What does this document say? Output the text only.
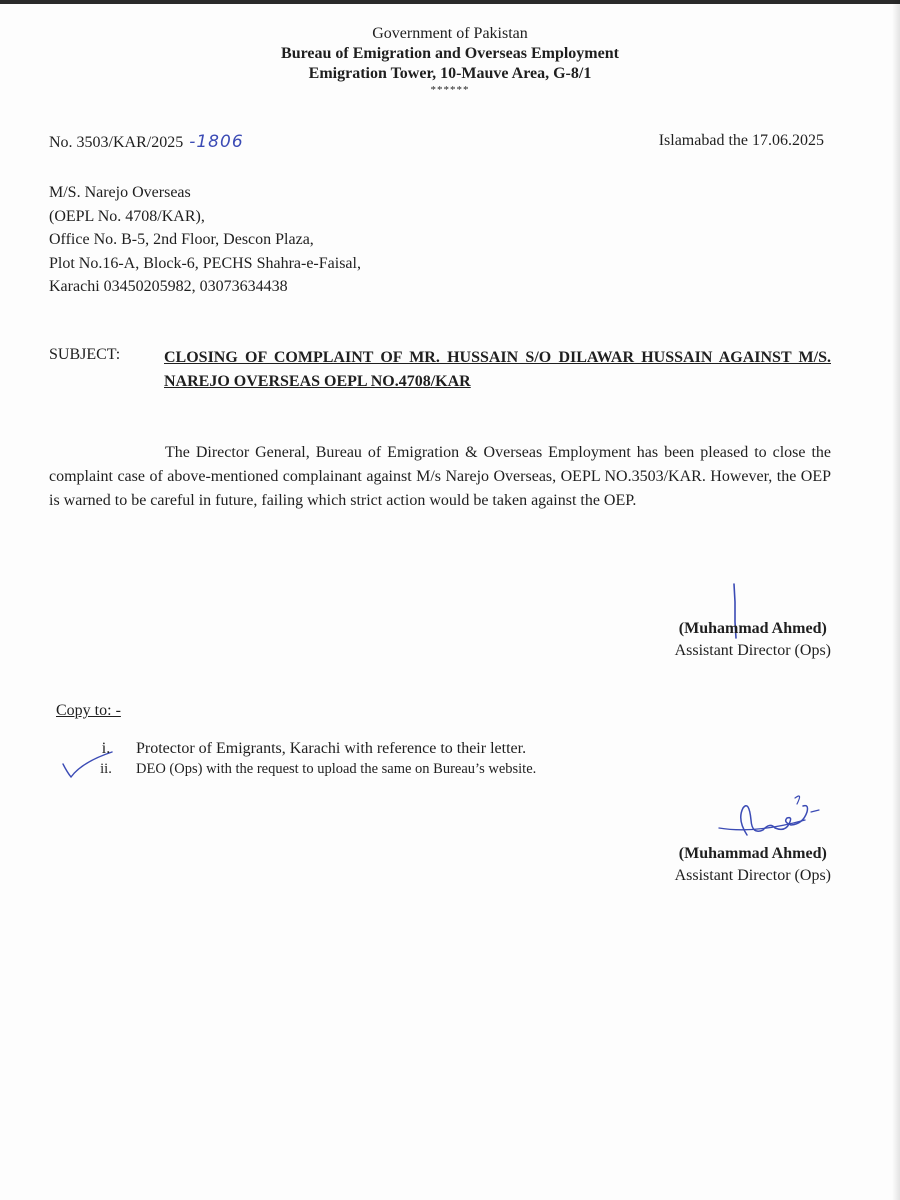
Government of Pakistan
Bureau of Emigration and Overseas Employment
Emigration Tower, 10-Mauve Area, G-8/1
******
No. 3503/KAR/2025 -1806	Islamabad the 17.06.2025
M/S. Narejo Overseas
(OEPL No. 4708/KAR),
Office No. B-5, 2nd Floor, Descon Plaza,
Plot No.16-A, Block-6, PECHS Shahra-e-Faisal,
Karachi 03450205982, 03073634438
SUBJECT:	CLOSING OF COMPLAINT OF MR. HUSSAIN S/O DILAWAR HUSSAIN AGAINST M/S. NAREJO OVERSEAS OEPL NO.4708/KAR
The Director General, Bureau of Emigration & Overseas Employment has been pleased to close the complaint case of above-mentioned complainant against M/s Narejo Overseas, OEPL NO.3503/KAR. However, the OEP is warned to be careful in future, failing which strict action would be taken against the OEP.
(Muhammad Ahmed)
Assistant Director (Ops)
Copy to: -
i.	Protector of Emigrants, Karachi with reference to their letter.
ii.	DEO (Ops) with the request to upload the same on Bureau’s website.
(Muhammad Ahmed)
Assistant Director (Ops)
